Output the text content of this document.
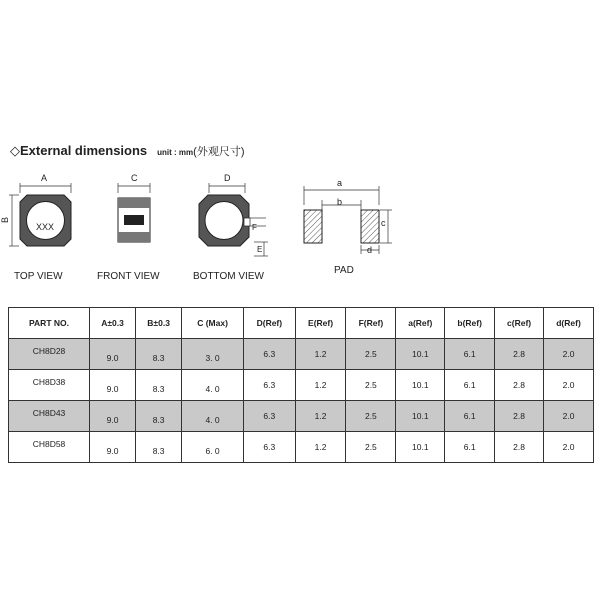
◇External dimensions unit : mm (外观尺寸)
A
B
XXX
TOP VIEW
C
FRONT VIEW
D
F
E
BOTTOM VIEW
a
b
c
d
PAD
PART NO.	A±0.3	B±0.3	C (Max)	D(Ref)	E(Ref)	F(Ref)	a(Ref)	b(Ref)	c(Ref)	d(Ref)
CH8D28	9.0	8.3	3. 0	6.3	1.2	2.5	10.1	6.1	2.8	2.0
CH8D38	9.0	8.3	4. 0	6.3	1.2	2.5	10.1	6.1	2.8	2.0
CH8D43	9.0	8.3	4. 0	6.3	1.2	2.5	10.1	6.1	2.8	2.0
CH8D58	9.0	8.3	6. 0	6.3	1.2	2.5	10.1	6.1	2.8	2.0
